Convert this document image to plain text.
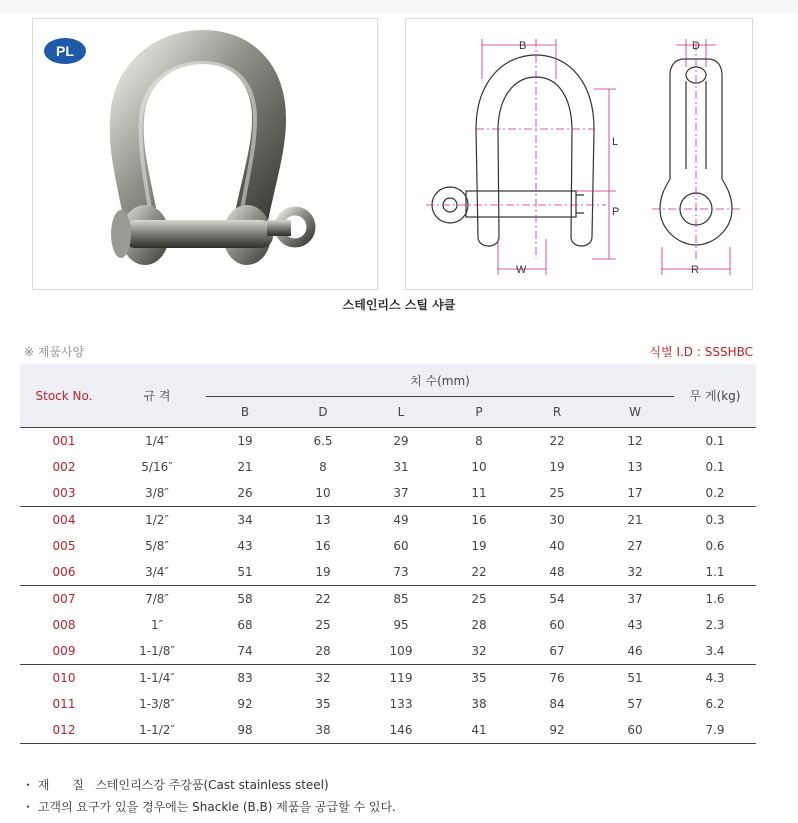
PL	B
W
L
P
D
R
스테인리스 스틸 샤클
※ 제품사양	식별 I.D : SSSHBC
Stock No.	규 격	치 수(mm)						무 게(kg)
		B	D	L	P	R	W	
001	1/4″	19	6.5	29	8	22	12	0.1
002	5/16″	21	8	31	10	19	13	0.1
003	3/8″	26	10	37	11	25	17	0.2
004	1/2″	34	13	49	16	30	21	0.3
005	5/8″	43	16	60	19	40	27	0.6
006	3/4″	51	19	73	22	48	32	1.1
007	7/8″	58	22	85	25	54	37	1.6
008	1″	68	25	95	28	60	43	2.3
009	1-1/8″	74	28	109	32	67	46	3.4
010	1-1/4″	83	32	119	35	76	51	4.3
011	1-3/8″	92	35	133	38	84	57	6.2
012	1-1/2″	98	38	146	41	92	60	7.9
・ 재      질   스테인리스강 주강품(Cast stainless steel)
・ 고객의 요구가 있을 경우에는 Shackle (B.B) 제품을 공급할 수 있다.
